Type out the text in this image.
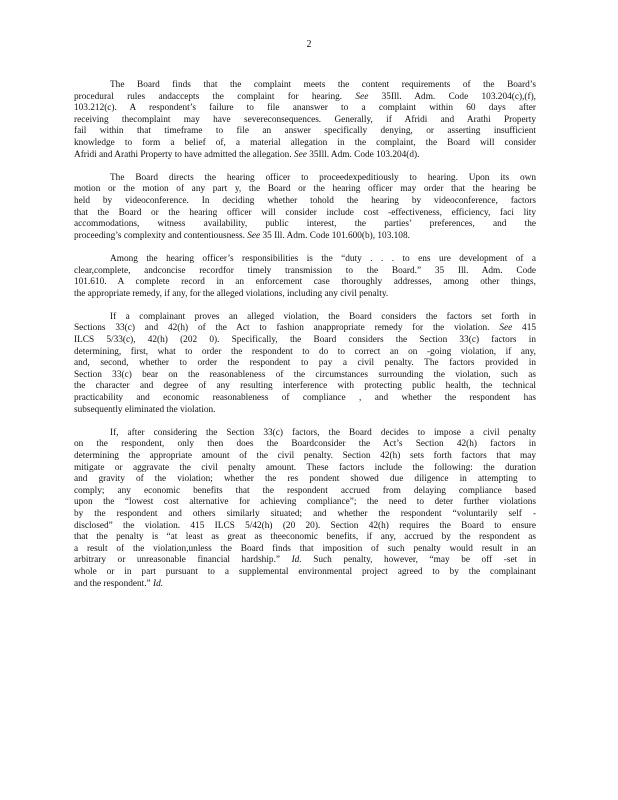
2

The Board finds that the complaint meets the content requirements of the Board’s
procedural rules andaccepts the complaint for hearing. See 35Ill. Adm. Code 103.204(c),(f),
103.212(c). A respondent’s failure to file ananswer to a complaint within 60 days after
receiving thecomplaint may have severeconsequences. Generally, if Afridi and Arathi Property
fail within that timeframe to file an answer specifically denying, or asserting insufficient
knowledge to form a belief of, a material allegation in the complaint, the Board will consider
Afridi and Arathi Property to have admitted the allegation. See 35Ill. Adm. Code 103.204(d).

The Board directs the hearing officer to proceedexpeditiously to hearing. Upon its own
motion or the motion of any part y, the Board or the hearing officer may order that the hearing be
held by videoconference. In deciding whether tohold the hearing by videoconference, factors
that the Board or the hearing officer will consider include cost -effectiveness, efficiency, faci lity
accommodations, witness availability, public interest, the parties’ preferences, and the
proceeding’s complexity and contentiousness. See 35 Ill. Adm. Code 101.600(b), 103.108.

Among the hearing officer’s responsibilities is the “duty . . . to ens ure development of a
clear,complete, andconcise recordfor timely transmission to the Board.” 35 Ill. Adm. Code
101.610. A complete record in an enforcement case thoroughly addresses, among other things,
the appropriate remedy, if any, for the alleged violations, including any civil penalty.

If a complainant proves an alleged violation, the Board considers the factors set forth in
Sections 33(c) and 42(h) of the Act to fashion anappropriate remedy for the violation. See 415
ILCS 5/33(c), 42(h) (202 0). Specifically, the Board considers the Section 33(c) factors in
determining, first, what to order the respondent to do to correct an on -going violation, if any,
and, second, whether to order the respondent to pay a civil penalty. The factors provided in
Section 33(c) bear on the reasonableness of the circumstances surrounding the violation, such as
the character and degree of any resulting interference with protecting public health, the technical
practicability and economic reasonableness of compliance , and whether the respondent has
subsequently eliminated the violation.

If, after considering the Section 33(c) factors, the Board decides to impose a civil penalty
on the respondent, only then does the Boardconsider the Act’s Section 42(h) factors in
determining the appropriate amount of the civil penalty. Section 42(h) sets forth factors that may
mitigate or aggravate the civil penalty amount. These factors include the following: the duration
and gravity of the violation; whether the res pondent showed due diligence in attempting to
comply; any economic benefits that the respondent accrued from delaying compliance based
upon the “lowest cost alternative for achieving compliance”; the need to deter further violations
by the respondent and others similarly situated; and whether the respondent “voluntarily self -
disclosed” the violation. 415 ILCS 5/42(h) (20 20). Section 42(h) requires the Board to ensure
that the penalty is “at least as great as theeconomic benefits, if any, accrued by the respondent as
a result of the violation,unless the Board finds that imposition of such penalty would result in an
arbitrary or unreasonable financial hardship.” Id. Such penalty, however, “may be off -set in
whole or in part pursuant to a supplemental environmental project agreed to by the complainant
and the respondent.” Id.
